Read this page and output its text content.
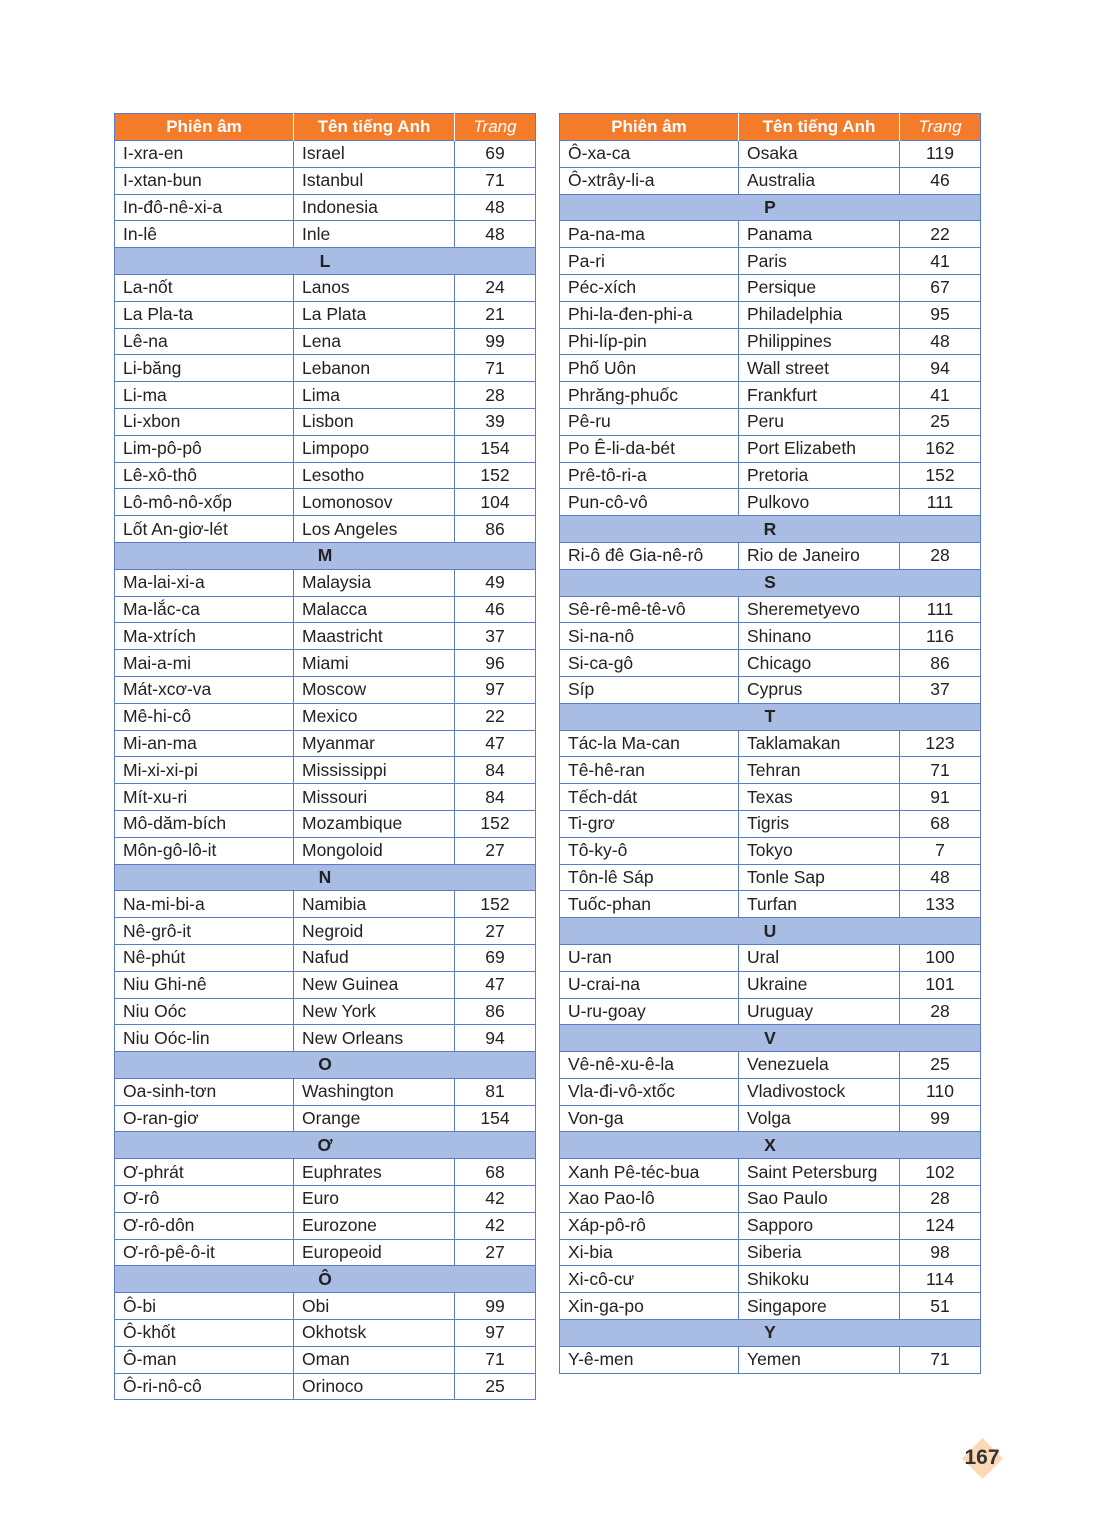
Phiên âm	Tên tiếng Anh	Trang
I-xra-en	Israel	69
I-xtan-bun	Istanbul	71
In-đô-nê-xi-a	Indonesia	48
In-lê	Inle	48
L		
La-nốt	Lanos	24
La Pla-ta	La Plata	21
Lê-na	Lena	99
Li-băng	Lebanon	71
Li-ma	Lima	28
Li-xbon	Lisbon	39
Lim-pô-pô	Limpopo	154
Lê-xô-thô	Lesotho	152
Lô-mô-nô-xốp	Lomonosov	104
Lốt An-giơ-lét	Los Angeles	86
M		
Ma-lai-xi-a	Malaysia	49
Ma-lắc-ca	Malacca	46
Ma-xtrích	Maastricht	37
Mai-a-mi	Miami	96
Mát-xcơ-va	Moscow	97
Mê-hi-cô	Mexico	22
Mi-an-ma	Myanmar	47
Mi-xi-xi-pi	Mississippi	84
Mít-xu-ri	Missouri	84
Mô-dăm-bích	Mozambique	152
Môn-gô-lô-it	Mongoloid	27
N		
Na-mi-bi-a	Namibia	152
Nê-grô-it	Negroid	27
Nê-phút	Nafud	69
Niu Ghi-nê	New Guinea	47
Niu Oóc	New York	86
Niu Oóc-lin	New Orleans	94
O		
Oa-sinh-tơn	Washington	81
O-ran-giơ	Orange	154
Ơ		
Ơ-phrát	Euphrates	68
Ơ-rô	Euro	42
Ơ-rô-dôn	Eurozone	42
Ơ-rô-pê-ô-it	Europeoid	27
Ô		
Ô-bi	Obi	99
Ô-khốt	Okhotsk	97
Ô-man	Oman	71
Ô-ri-nô-cô	Orinoco	25
Phiên âm	Tên tiếng Anh	Trang
Ô-xa-ca	Osaka	119
Ô-xtrây-li-a	Australia	46
P		
Pa-na-ma	Panama	22
Pa-ri	Paris	41
Péc-xích	Persique	67
Phi-la-đen-phi-a	Philadelphia	95
Phi-líp-pin	Philippines	48
Phố Uôn	Wall street	94
Phrăng-phuốc	Frankfurt	41
Pê-ru	Peru	25
Po Ê-li-da-bét	Port Elizabeth	162
Prê-tô-ri-a	Pretoria	152
Pun-cô-vô	Pulkovo	111
R		
Ri-ô đê Gia-nê-rô	Rio de Janeiro	28
S		
Sê-rê-mê-tê-vô	Sheremetyevo	111
Si-na-nô	Shinano	116
Si-ca-gô	Chicago	86
Síp	Cyprus	37
T		
Tác-la Ma-can	Taklamakan	123
Tê-hê-ran	Tehran	71
Tếch-dát	Texas	91
Ti-grơ	Tigris	68
Tô-ky-ô	Tokyo	7
Tôn-lê Sáp	Tonle Sap	48
Tuốc-phan	Turfan	133
U		
U-ran	Ural	100
U-crai-na	Ukraine	101
U-ru-goay	Uruguay	28
V		
Vê-nê-xu-ê-la	Venezuela	25
Vla-đi-vô-xtốc	Vladivostock	110
Von-ga	Volga	99
X		
Xanh Pê-téc-bua	Saint Petersburg	102
Xao Pao-lô	Sao Paulo	28
Xáp-pô-rô	Sapporo	124
Xi-bia	Siberia	98
Xi-cô-cư	Shikoku	114
Xin-ga-po	Singapore	51
Y		
Y-ê-men	Yemen	71
167
